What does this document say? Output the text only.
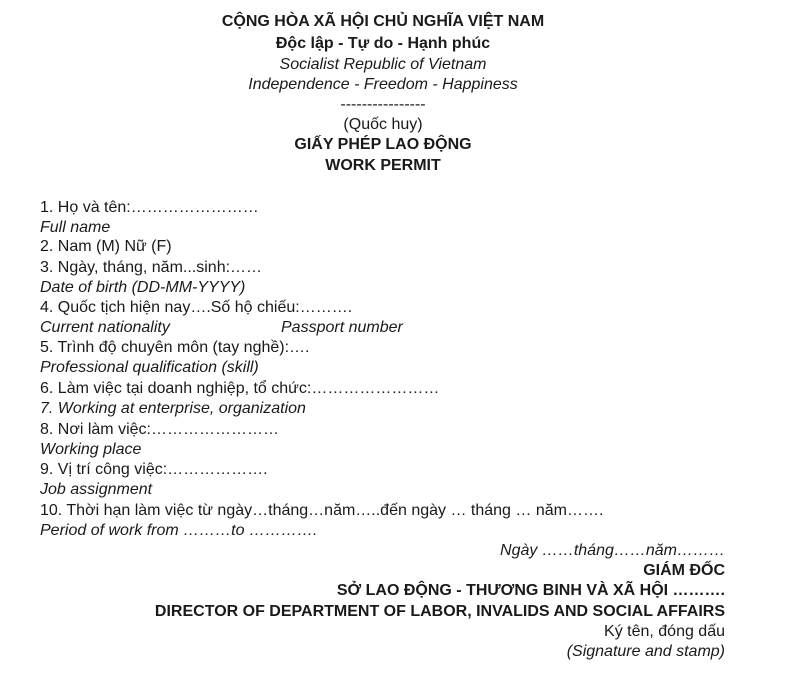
CỘNG HÒA XÃ HỘI CHỦ NGHĨA VIỆT NAM
Độc lập - Tự do - Hạnh phúc
Socialist Republic of Vietnam
Independence - Freedom - Happiness
----------------
(Quốc huy)
GIẤY PHÉP LAO ĐỘNG
WORK PERMIT
1. Họ và tên:……………………
Full name
2. Nam (M) Nữ (F)
3. Ngày, tháng, năm...sinh:……
Date of birth (DD-MM-YYYY)
4. Quốc tịch hiện nay….Số hộ chiếu:……….
Current nationality	Passport number
5. Trình độ chuyên môn (tay nghề):….
Professional qualification (skill)
6. Làm việc tại doanh nghiệp, tổ chức:……………………
7. Working at enterprise, organization
8. Nơi làm việc:……………………
Working place
9. Vị trí công việc:……………….
Job assignment
10. Thời hạn làm việc từ ngày…tháng…năm…..đến ngày … tháng … năm…….
Period of work from ………to ………….
Ngày ……tháng……năm………
GIÁM ĐỐC
SỞ LAO ĐỘNG - THƯƠNG BINH VÀ XÃ HỘI ……….
DIRECTOR OF DEPARTMENT OF LABOR, INVALIDS AND SOCIAL AFFAIRS
Ký tên, đóng dấu
(Signature and stamp)
